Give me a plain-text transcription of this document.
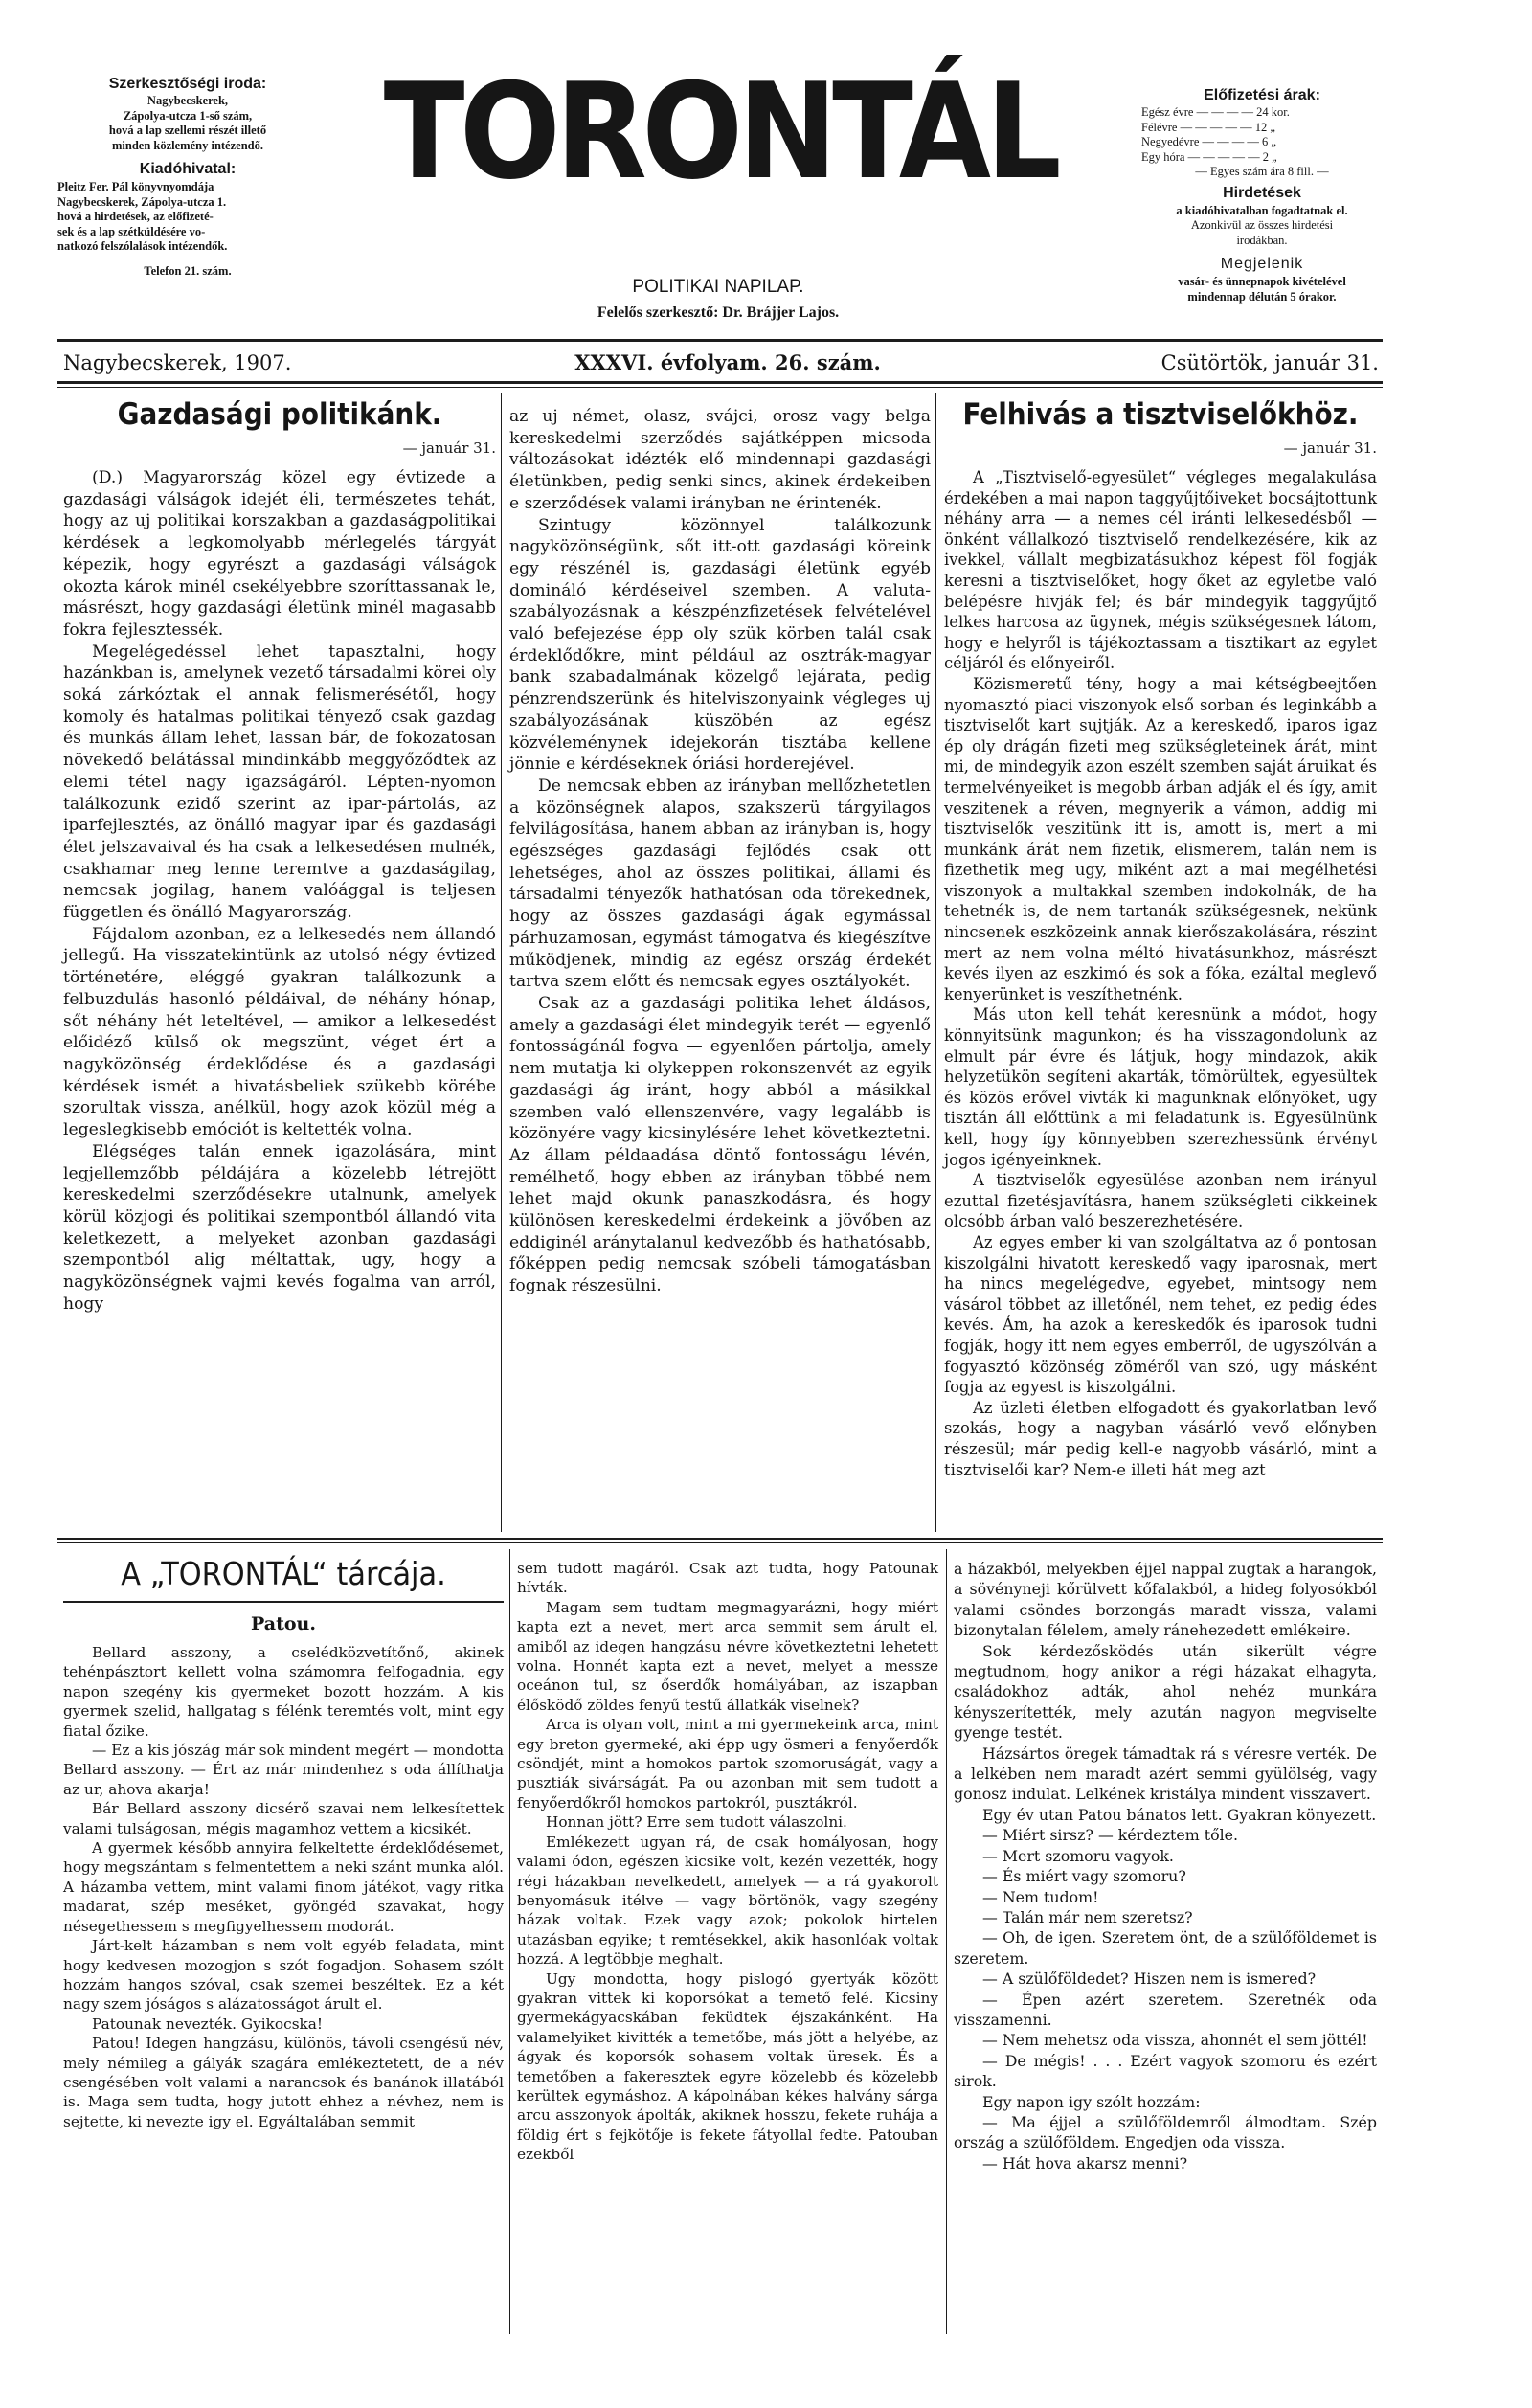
Szerkesztőségi iroda:
Nagybecskerek,
Zápolya-utcza 1-ső szám,
hová a lap szellemi részét illető
minden közlemény intézendő.
Kiadóhivatal:
Pleitz Fer. Pál könyvnyomdája
Nagybecskerek, Zápolya-utcza 1.
hová a hirdetések, az előfizeté-
sek és a lap szétküldésére vo-
natkozó felszólalások intézendők.
Telefon 21. szám.
TORONTÁL
POLITIKAI NAPILAP.
Felelős szerkesztő: Dr. Brájjer Lajos.
Előfizetési árak:
Egész évre — — — — 24 kor.
Félévre — — — — — 12 „
Negyedévre — — — — 6 „
Egy hóra — — — — — 2 „
— Egyes szám ára 8 fill. —
Hirdetések
a kiadóhivatalban fogadtatnak el.
Azonkivül az összes hirdetési
irodákban.
Megjelenik
vasár- és ünnepnapok kivételével
mindennap délután 5 órakor.
Nagybecskerek, 1907.	XXXVI. évfolyam. 26. szám.	Csütörtök, január 31.
Gazdasági politikánk.
— január 31.

(D.) Magyarország közel egy évtizede a gazdasági válságok idejét éli, természetes tehát, hogy az uj politikai korszakban a gazdaságpolitikai kérdések a legkomolyabb mérlegelés tárgyát képezik, hogy egyrészt a gazdasági válságok okozta károk minél csekélyebbre szoríttassanak le, másrészt, hogy gazdasági életünk minél magasabb fokra fejlesztessék.

Megelégedéssel lehet tapasztalni, hogy hazánkban is, amelynek vezető társadalmi körei oly soká zárkóztak el annak felismerésétől, hogy komoly és hatalmas politikai tényező csak gazdag és munkás állam lehet, lassan bár, de fokozatosan növekedő belátással mindinkább meggyőződtek az elemi tétel nagy igazságáról. Lépten-nyomon találkozunk ezidő szerint az ipar-pártolás, az iparfejlesztés, az önálló magyar ipar és gazdasági élet jelszavaival és ha csak a lelkesedésen mulnék, csakhamar meg lenne teremtve a gazdaságilag, nemcsak jogilag, hanem valóággal is teljesen független és önálló Magyarország.

Fájdalom azonban, ez a lelkesedés nem állandó jellegű. Ha visszatekintünk az utolsó négy évtized történetére, eléggé gyakran találkozunk a felbuzdulás hasonló példáival, de néhány hónap, sőt néhány hét leteltével, — amikor a lelkesedést előidéző külső ok megszünt, véget ért a nagyközönség érdeklődése és a gazdasági kérdések ismét a hivatásbeliek szükebb körébe szorultak vissza, anélkül, hogy azok közül még a legeslegkisebb emóciót is keltették volna.

Elégséges talán ennek igazolására, mint legjellemzőbb példájára a közelebb létrejött kereskedelmi szerződésekre utalnunk, amelyek körül közjogi és politikai szempontból állandó vita keletkezett, a melyeket azonban gazdasági szempontból alig méltattak, ugy, hogy a nagyközönségnek vajmi kevés fogalma van arról, hogy

az uj német, olasz, svájci, orosz vagy belga kereskedelmi szerződés sajátképpen micsoda változásokat idézték elő mindennapi gazdasági életünkben, pedig senki sincs, akinek érdekeiben e szerződések valami irányban ne érintenék.

Szintugy közönnyel találkozunk nagyközönségünk, sőt itt-ott gazdasági köreink egy részénél is, gazdasági életünk egyéb domináló kérdéseivel szemben. A valuta-szabályozásnak a készpénzfizetések felvételével való befejezése épp oly szük körben talál csak érdeklődőkre, mint például az osztrák-magyar bank szabadalmának közelgő lejárata, pedig pénzrendszerünk és hitelviszonyaink végleges uj szabályozásának küszöbén az egész közvéleménynek idejekorán tisztába kellene jönnie e kérdéseknek óriási horderejével.

De nemcsak ebben az irányban mellőzhetetlen a közönségnek alapos, szakszerü tárgyilagos felvilágosítása, hanem abban az irányban is, hogy egészséges gazdasági fejlődés csak ott lehetséges, ahol az összes politikai, állami és társadalmi tényezők hathatósan oda törekednek, hogy az összes gazdasági ágak egymással párhuzamosan, egymást támogatva és kiegészítve működjenek, mindig az egész ország érdekét tartva szem előtt és nemcsak egyes osztályokét.

Csak az a gazdasági politika lehet áldásos, amely a gazdasági élet mindegyik terét — egyenlő fontosságánál fogva — egyenlően pártolja, amely nem mutatja ki olykeppen rokonszenvét az egyik gazdasági ág iránt, hogy abból a másikkal szemben való ellenszenvére, vagy legalább is közönyére vagy kicsinylésére lehet következtetni. Az állam példaadása döntő fontosságu lévén, remélhető, hogy ebben az irányban többé nem lehet majd okunk panaszkodásra, és hogy különösen kereskedelmi érdekeink a jövőben az eddiginél aránytalanul kedvezőbb és hathatósabb, főképpen pedig nemcsak szóbeli támogatásban fognak részesülni.

Felhivás a tisztviselőkhöz.
— január 31.

A „Tisztviselő-egyesület“ végleges megalakulása érdekében a mai napon taggyűjtőiveket bocsájtottunk néhány arra — a nemes cél iránti lelkesedésből — önként vállalkozó tisztviselő rendelkezésére, kik az ivekkel, vállalt megbizatásukhoz képest föl fogják keresni a tisztviselőket, hogy őket az egyletbe való belépésre hivják fel; és bár mindegyik taggyűjtő lelkes harcosa az ügynek, mégis szükségesnek látom, hogy e helyről is tájékoztassam a tisztikart az egylet céljáról és előnyeiről.

Közismeretű tény, hogy a mai kétségbeejtően nyomasztó piaci viszonyok első sorban és leginkább a tisztviselőt kart sujtják. Az a kereskedő, iparos igaz ép oly drágán fizeti meg szükségleteinek árát, mint mi, de mindegyik azon eszélt szemben saját áruikat és termelvényeiket is megobb árban adják el és így, amit veszitenek a réven, megnyerik a vámon, addig mi tisztviselők veszitünk itt is, amott is, mert a mi munkánk árát nem fizetik, elismerem, talán nem is fizethetik meg ugy, miként azt a mai megélhetési viszonyok a multakkal szemben indokolnák, de ha tehetnék is, de nem tartanák szükségesnek, nekünk nincsenek eszközeink annak kierőszakolására, részint mert az nem volna méltó hivatásunkhoz, másrészt kevés ilyen az eszkimó és sok a fóka, ezáltal meglevő kenyerünket is veszíthetnénk.

Más uton kell tehát keresnünk a módot, hogy könnyitsünk magunkon; és ha visszagondolunk az elmult pár évre és látjuk, hogy mindazok, akik helyzetükön segíteni akarták, tömörültek, egyesültek és közös erővel vivták ki magunknak előnyöket, ugy tisztán áll előttünk a mi feladatunk is. Egyesülnünk kell, hogy így könnyebben szerezhessünk érvényt jogos igényeinknek.

A tisztviselők egyesülése azonban nem irányul ezuttal fizetésjavításra, hanem szükségleti cikkeinek olcsóbb árban való beszerezhetésére.

Az egyes ember ki van szolgáltatva az ő pontosan kiszolgálni hivatott kereskedő vagy iparosnak, mert ha nincs megelégedve, egyebet, mintsogy nem vásárol többet az illetőnél, nem tehet, ez pedig édes kevés. Ám, ha azok a kereskedők és iparosok tudni fogják, hogy itt nem egyes emberről, de ugyszólván a fogyasztó közönség zöméről van szó, ugy másként fogja az egyest is kiszolgálni.

Az üzleti életben elfogadott és gyakorlatban levő szokás, hogy a nagyban vásárló vevő előnyben részesül; már pedig kell-e nagyobb vásárló, mint a tisztviselői kar? Nem-e illeti hát meg azt

A „TORONTÁL“ tárcája.
Patou.

Bellard asszony, a cselédközvetítőnő, akinek tehénpásztort kellett volna számomra felfogadnia, egy napon szegény kis gyermeket bozott hozzám. A kis gyermek szelid, hallgatag s félénk teremtés volt, mint egy fiatal őzike.

— Ez a kis jószág már sok mindent megért — mondotta Bellard asszony. — Ért az már mindenhez s oda állíthatja az ur, ahova akarja!

Bár Bellard asszony dicsérő szavai nem lelkesítettek valami tulságosan, mégis magamhoz vettem a kicsikét.

A gyermek később annyira felkeltette érdeklődésemet, hogy megszántam s felmentettem a neki szánt munka alól. A házamba vettem, mint valami finom játékot, vagy ritka madarat, szép meséket, gyöngéd szavakat, hogy nésegethessem s megfigyelhessem modorát.

Járt-kelt házamban s nem volt egyéb feladata, mint hogy kedvesen mozogjon s szót fogadjon. Sohasem szólt hozzám hangos szóval, csak szemei beszéltek. Ez a két nagy szem jóságos s alázatosságot árult el.

Patounak nevezték. Gyikocska!

Patou! Idegen hangzásu, különös, távoli csengésű név, mely némileg a gályák szagára emlékeztetett, de a név csengésében volt valami a narancsok és banánok illatából is. Maga sem tudta, hogy jutott ehhez a névhez, nem is sejtette, ki nevezte igy el. Egyáltalában semmit

sem tudott magáról. Csak azt tudta, hogy Patounak hívták.

Magam sem tudtam megmagyarázni, hogy miért kapta ezt a nevet, mert arca semmit sem árult el, amiből az idegen hangzásu névre következtetni lehetett volna. Honnét kapta ezt a nevet, melyet a messze oceánon tul, sz őserdők homályában, az iszapban élősködő zöldes fenyű testű állatkák viselnek?

Arca is olyan volt, mint a mi gyermekeink arca, mint egy breton gyermeké, aki épp ugy ösmeri a fenyőerdők csöndjét, mint a homokos partok szomoruságát, vagy a pusztiák sivárságát. Pa ou azonban mit sem tudott a fenyőerdőkről homokos partokról, pusztákról.

Honnan jött? Erre sem tudott válaszolni.

Emlékezett ugyan rá, de csak homályosan, hogy valami ódon, egészen kicsike volt, kezén vezették, hogy régi házakban nevelkedett, amelyek — a rá gyakorolt benyomásuk itélve — vagy börtönök, vagy szegény házak voltak. Ezek vagy azok; pokolok hirtelen utazásban egyike; t remtésekkel, akik hasonlóak voltak hozzá. A legtöbbje meghalt.

Ugy mondotta, hogy pislogó gyertyák között gyakran vittek ki koporsókat a temető felé. Kicsiny gyermekágyacskában feküdtek éjszakánként. Ha valamelyiket kivitték a temetőbe, más jött a helyébe, az ágyak és koporsók sohasem voltak üresek. És a temetőben a fakeresztek egyre közelebb és közelebb kerültek egymáshoz. A kápolnában kékes halvány sárga arcu asszonyok ápolták, akiknek hosszu, fekete ruhája a földig ért s fejkötője is fekete fátyollal fedte. Patouban ezekből

a házakból, melyekben éjjel nappal zugtak a harangok, a sövényneji kőrülvett kőfalakból, a hideg folyosókból valami csöndes borzongás maradt vissza, valami bizonytalan félelem, amely ránehezedett emlékeire.

Sok kérdezősködés után sikerült végre megtudnom, hogy anikor a régi házakat elhagyta, családokhoz adták, ahol nehéz munkára kényszerítették, mely azután nagyon megviselte gyenge testét.

Házsártos öregek támadtak rá s véresre verték. De a lelkében nem maradt azért semmi gyülölség, vagy gonosz indulat. Lelkének kristálya mindent visszavert.

Egy év utan Patou bánatos lett. Gyakran könyezett.

— Miért sirsz? — kérdeztem tőle.

— Mert szomoru vagyok.

— És miért vagy szomoru?

— Nem tudom!

— Talán már nem szeretsz?

— Oh, de igen. Szeretem önt, de a szülőföldemet is szeretem.

— A szülőföldedet? Hiszen nem is ismered?

— Épen azért szeretem. Szeretnék oda visszamenni.

— Nem mehetsz oda vissza, ahonnét el sem jöttél!

— De mégis! . . . Ezért vagyok szomoru és ezért sirok.

Egy napon igy szólt hozzám:

— Ma éjjel a szülőföldemről álmodtam. Szép ország a szülőföldem. Engedjen oda vissza.

— Hát hova akarsz menni?
